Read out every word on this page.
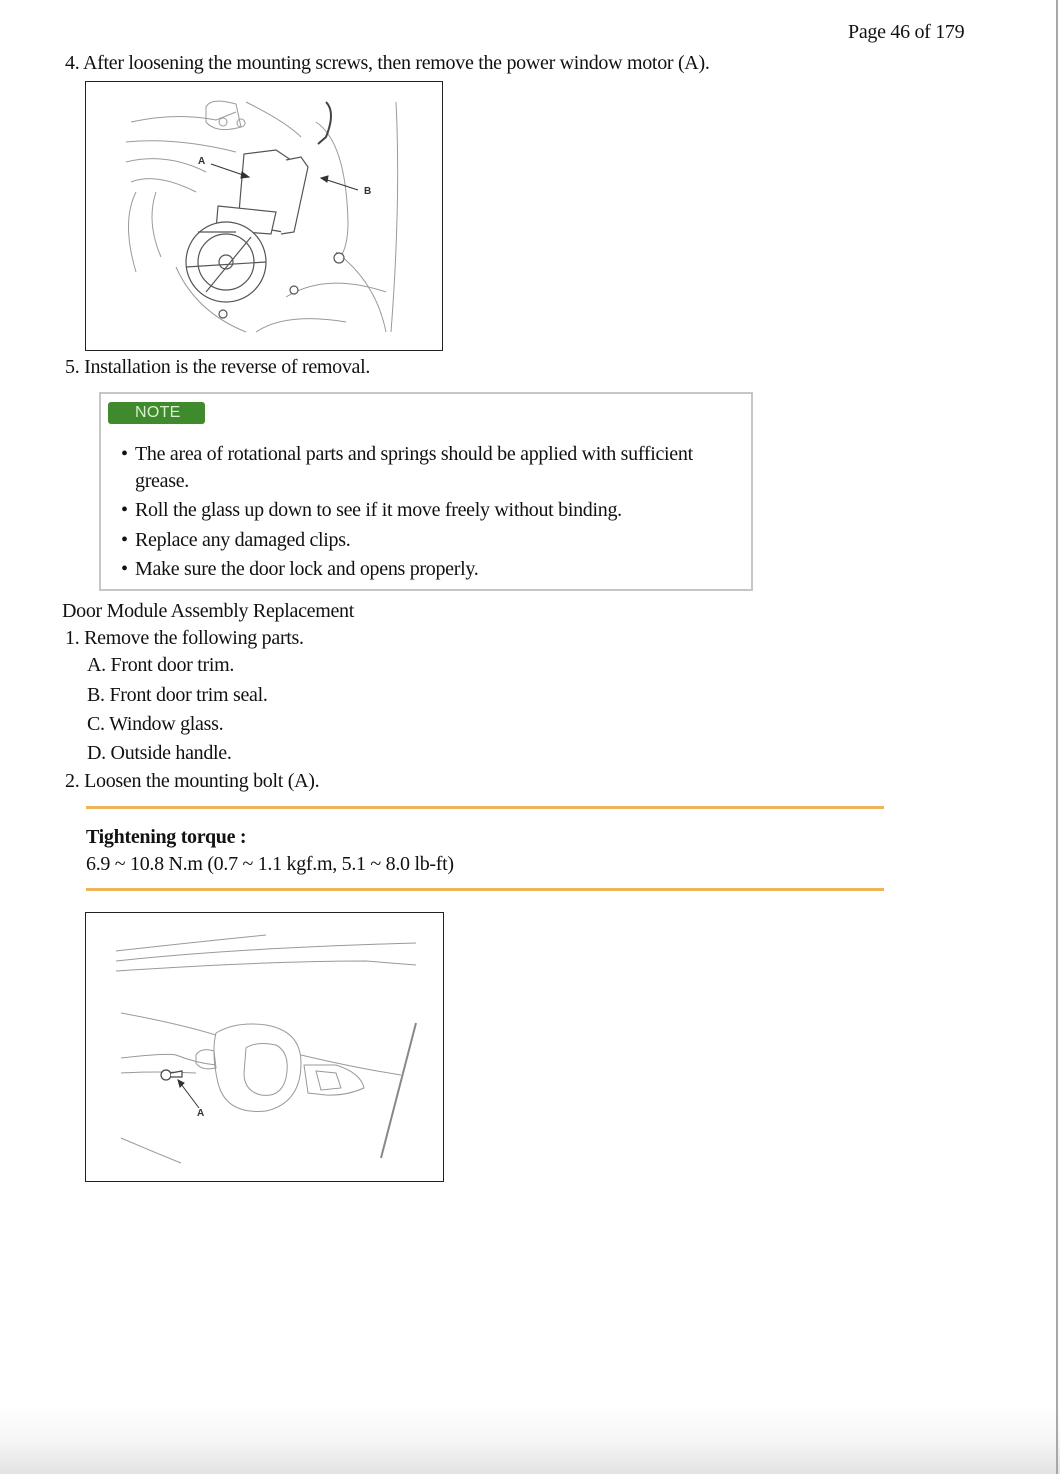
Page 46 of 179
4. After loosening the mounting screws, then remove the power window motor (A).
A
B
5. Installation is the reverse of removal.
NOTE
• The area of rotational parts and springs should be applied with sufficient
grease.
• Roll the glass up down to see if it move freely without binding.
• Replace any damaged clips.
• Make sure the door lock and opens properly.
Door Module Assembly Replacement
1. Remove the following parts.
A. Front door trim.
B. Front door trim seal.
C. Window glass.
D. Outside handle.
2. Loosen the mounting bolt (A).
Tightening torque :
6.9 ~ 10.8 N.m (0.7 ~ 1.1 kgf.m, 5.1 ~ 8.0 lb-ft)
A
